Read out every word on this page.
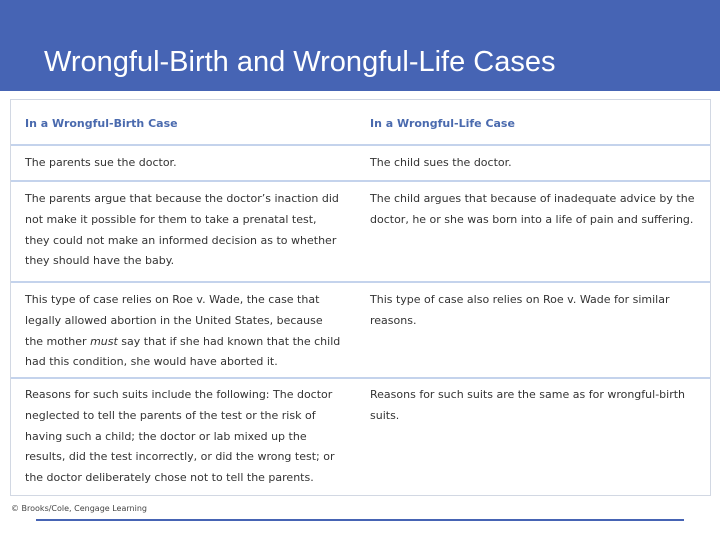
Wrongful-Birth and Wrongful-Life Cases
In a Wrongful-Birth Case	In a Wrongful-Life Case
The parents sue the doctor.	The child sues the doctor.
The parents argue that because the doctor’s inaction did not make it possible for them to take a prenatal test, they could not make an informed decision as to whether they should have the baby.
The child argues that because of inadequate advice by the doctor, he or she was born into a life of pain and suffering.
This type of case relies on Roe v. Wade, the case that legally allowed abortion in the United States, because the mother must say that if she had known that the child had this condition, she would have aborted it.
This type of case also relies on Roe v. Wade for similar reasons.
Reasons for such suits include the following: The doctor neglected to tell the parents of the test or the risk of having such a child; the doctor or lab mixed up the results, did the test incorrectly, or did the wrong test; or the doctor deliberately chose not to tell the parents.
Reasons for such suits are the same as for wrongful-birth suits.
© Brooks/Cole, Cengage Learning
